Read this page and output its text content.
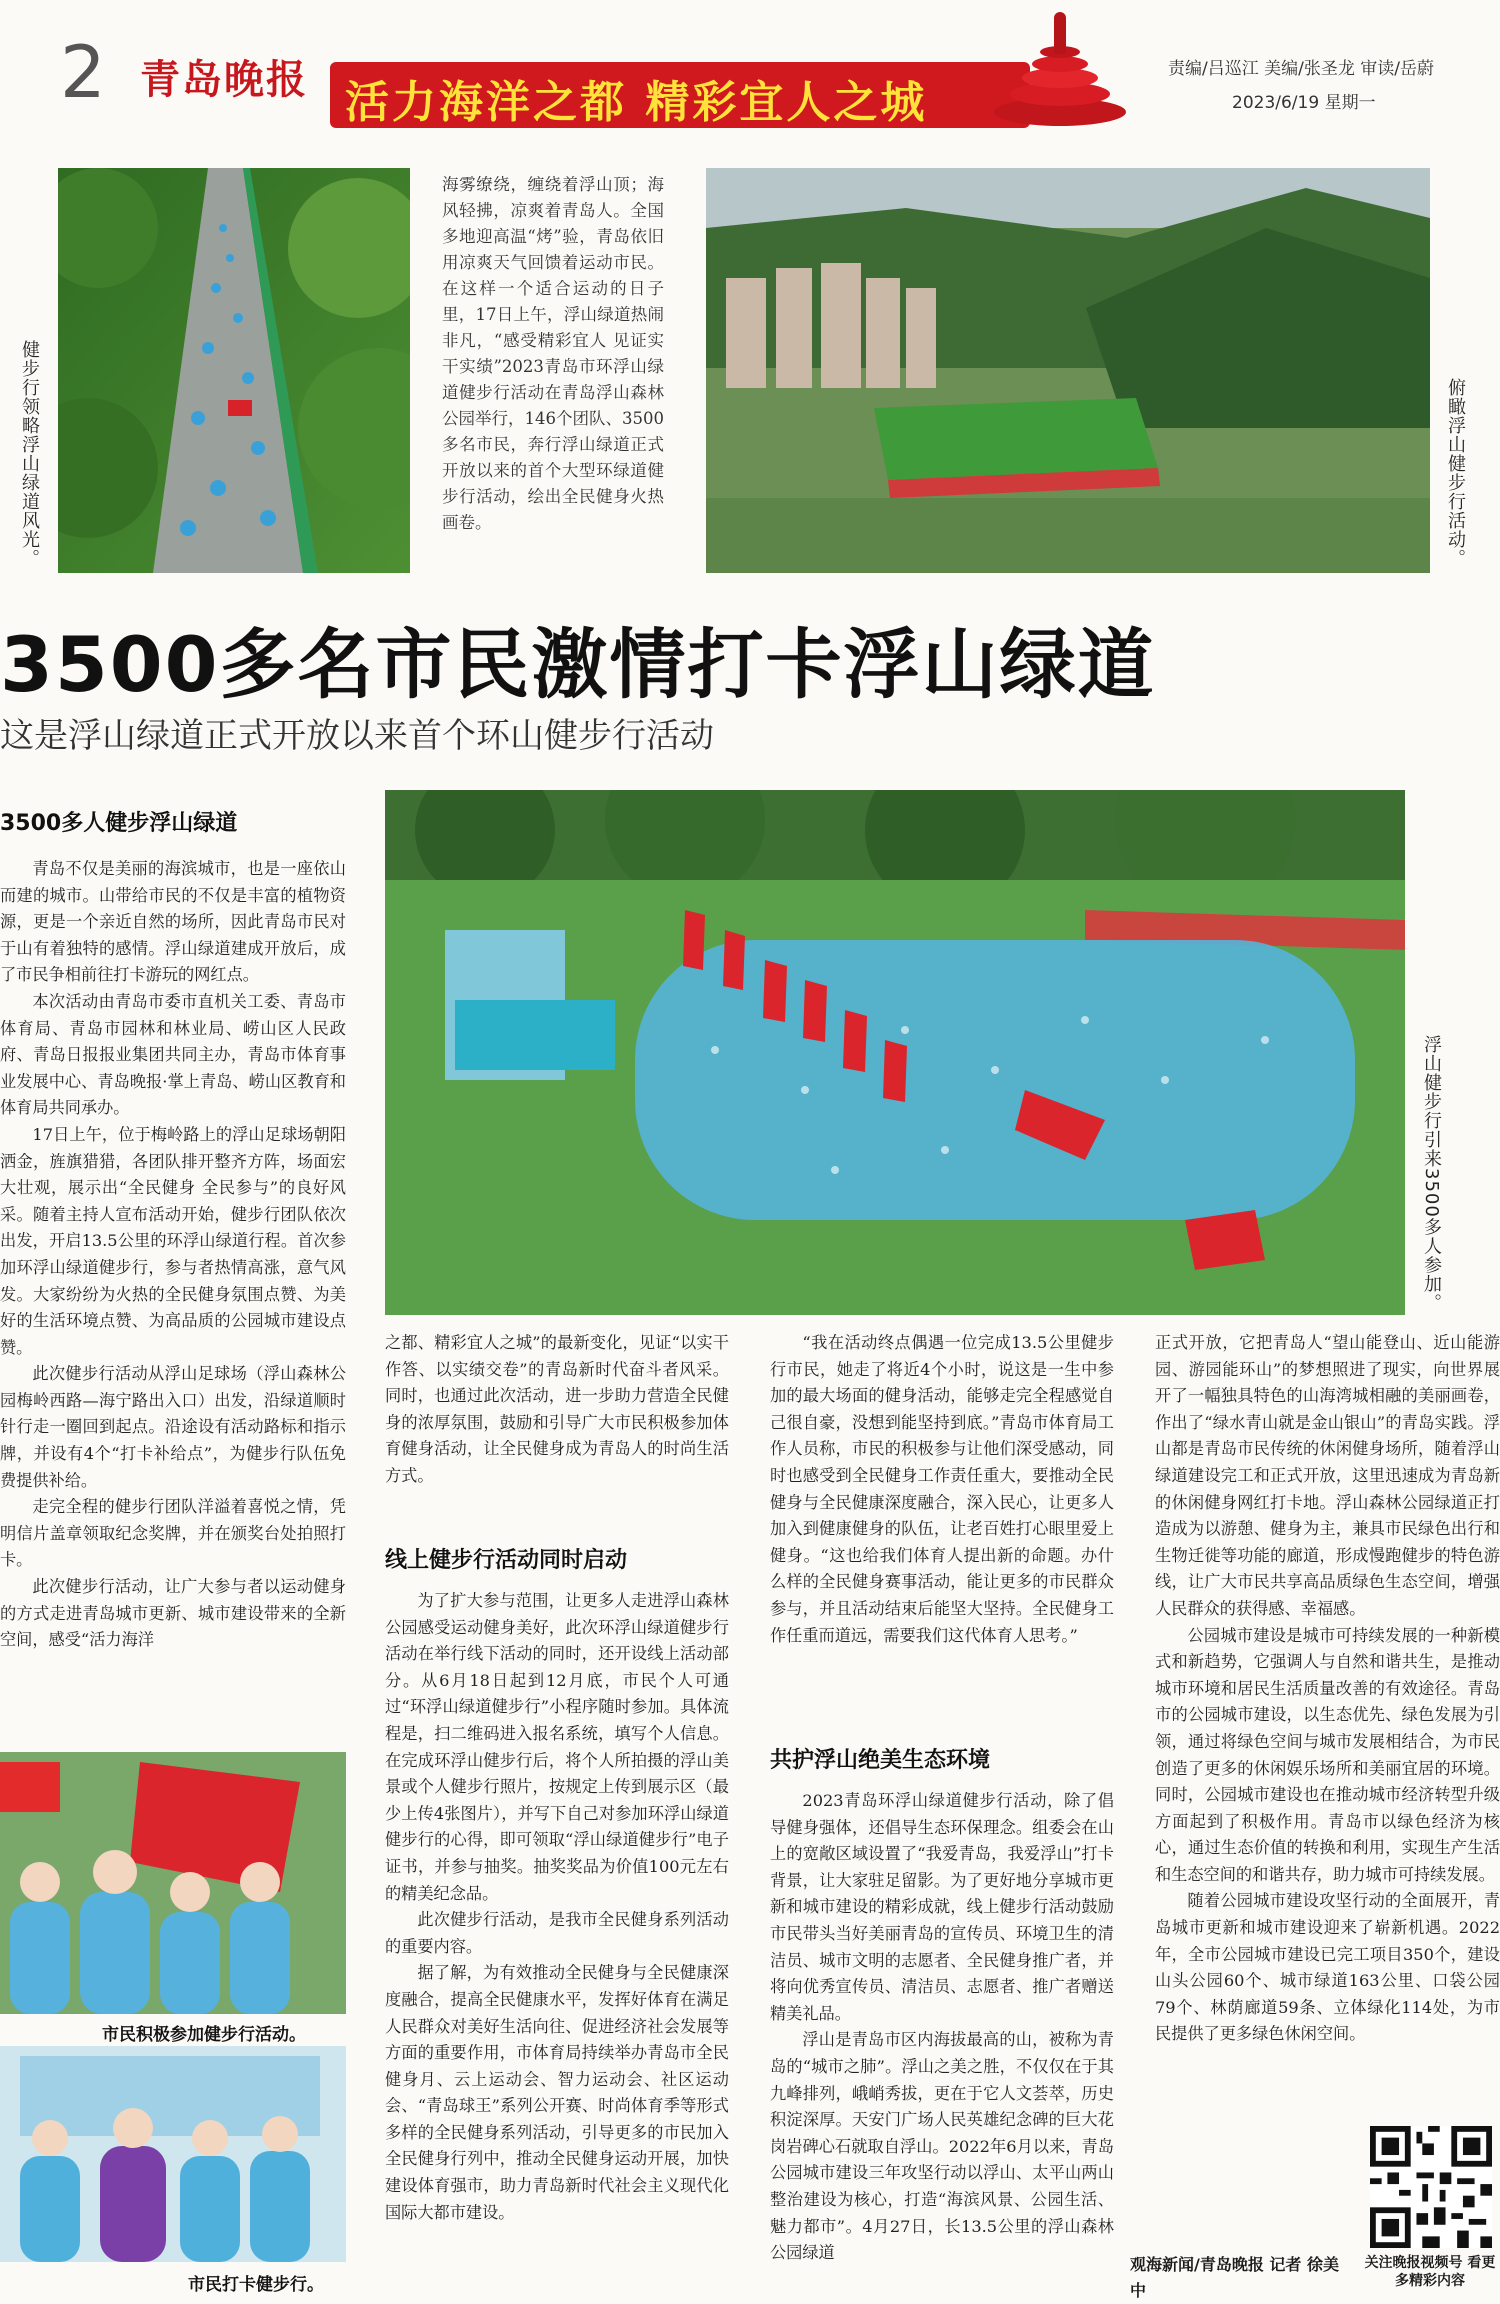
2 青岛晚报 活力海洋之都 精彩宜人之城
责编/吕巡江 美编/张圣龙 审读/岳蔚
2023/6/19 星期一
健步行领略浮山绿道风光。
海雾缭绕，缠绕着浮山顶；海风轻拂，凉爽着青岛人。全国多地迎高温“烤”验，青岛依旧用凉爽天气回馈着运动市民。在这样一个适合运动的日子里，17日上午，浮山绿道热闹非凡，“感受精彩宜人 见证实干实绩”2023青岛市环浮山绿道健步行活动在青岛浮山森林公园举行，146个团队、3500多名市民，奔行浮山绿道正式开放以来的首个大型环绿道健步行活动，绘出全民健身火热画卷。	俯瞰浮山健步行活动。
3500多名市民激情打卡浮山绿道
这是浮山绿道正式开放以来首个环山健步行活动
浮山健步行引来3500多人参加。
3500多人健步浮山绿道

青岛不仅是美丽的海滨城市，也是一座依山而建的城市。山带给市民的不仅是丰富的植物资源，更是一个亲近自然的场所，因此青岛市民对于山有着独特的感情。浮山绿道建成开放后，成了市民争相前往打卡游玩的网红点。

本次活动由青岛市委市直机关工委、青岛市体育局、青岛市园林和林业局、崂山区人民政府、青岛日报报业集团共同主办，青岛市体育事业发展中心、青岛晚报·掌上青岛、崂山区教育和体育局共同承办。

17日上午，位于梅岭路上的浮山足球场朝阳洒金，旌旗猎猎，各团队排开整齐方阵，场面宏大壮观，展示出“全民健身 全民参与”的良好风采。随着主持人宣布活动开始，健步行团队依次出发，开启13.5公里的环浮山绿道行程。首次参加环浮山绿道健步行，参与者热情高涨，意气风发。大家纷纷为火热的全民健身氛围点赞、为美好的生活环境点赞、为高品质的公园城市建设点赞。

此次健步行活动从浮山足球场（浮山森林公园梅岭西路—海宁路出入口）出发，沿绿道顺时针行走一圈回到起点。沿途设有活动路标和指示牌，并设有4个“打卡补给点”，为健步行队伍免费提供补给。

走完全程的健步行团队洋溢着喜悦之情，凭明信片盖章领取纪念奖牌，并在颁奖台处拍照打卡。

此次健步行活动，让广大参与者以运动健身的方式走进青岛城市更新、城市建设带来的全新空间，感受“活力海洋

市民积极参加健步行活动。
市民打卡健步行。

之都、精彩宜人之城”的最新变化，见证“以实干作答、以实绩交卷”的青岛新时代奋斗者风采。同时，也通过此次活动，进一步助力营造全民健身的浓厚氛围，鼓励和引导广大市民积极参加体育健身活动，让全民健身成为青岛人的时尚生活方式。

线上健步行活动同时启动

为了扩大参与范围，让更多人走进浮山森林公园感受运动健身美好，此次环浮山绿道健步行活动在举行线下活动的同时，还开设线上活动部分。从6月18日起到12月底，市民个人可通过“环浮山绿道健步行”小程序随时参加。具体流程是，扫二维码进入报名系统，填写个人信息。在完成环浮山健步行后，将个人所拍摄的浮山美景或个人健步行照片，按规定上传到展示区（最少上传4张图片），并写下自己对参加环浮山绿道健步行的心得，即可领取“浮山绿道健步行”电子证书，并参与抽奖。抽奖奖品为价值100元左右的精美纪念品。

此次健步行活动，是我市全民健身系列活动的重要内容。

据了解，为有效推动全民健身与全民健康深度融合，提高全民健康水平，发挥好体育在满足人民群众对美好生活向往、促进经济社会发展等方面的重要作用，市体育局持续举办青岛市全民健身月、云上运动会、智力运动会、社区运动会、“青岛球王”系列公开赛、时尚体育季等形式多样的全民健身系列活动，引导更多的市民加入全民健身行列中，推动全民健身运动开展，加快建设体育强市，助力青岛新时代社会主义现代化国际大都市建设。

“我在活动终点偶遇一位完成13.5公里健步行市民，她走了将近4个小时，说这是一生中参加的最大场面的健身活动，能够走完全程感觉自己很自豪，没想到能坚持到底。”青岛市体育局工作人员称，市民的积极参与让他们深受感动，同时也感受到全民健身工作责任重大，要推动全民健身与全民健康深度融合，深入民心，让更多人加入到健康健身的队伍，让老百姓打心眼里爱上健身。“这也给我们体育人提出新的命题。办什么样的全民健身赛事活动，能让更多的市民群众参与，并且活动结束后能坚大坚持。全民健身工作任重而道远，需要我们这代体育人思考。”

共护浮山绝美生态环境

2023青岛环浮山绿道健步行活动，除了倡导健身强体，还倡导生态环保理念。组委会在山上的宽敞区域设置了“我爱青岛，我爱浮山”打卡背景，让大家驻足留影。为了更好地分享城市更新和城市建设的精彩成就，线上健步行活动鼓励市民带头当好美丽青岛的宣传员、环境卫生的清洁员、城市文明的志愿者、全民健身推广者，并将向优秀宣传员、清洁员、志愿者、推广者赠送精美礼品。

浮山是青岛市区内海拔最高的山，被称为青岛的“城市之肺”。浮山之美之胜，不仅仅在于其九峰排列，峨峭秀拔，更在于它人文荟萃，历史积淀深厚。天安门广场人民英雄纪念碑的巨大花岗岩碑心石就取自浮山。2022年6月以来，青岛公园城市建设三年攻坚行动以浮山、太平山两山整治建设为核心，打造“海滨风景、公园生活、魅力都市”。4月27日，长13.5公里的浮山森林公园绿道

正式开放，它把青岛人“望山能登山、近山能游园、游园能环山”的梦想照进了现实，向世界展开了一幅独具特色的山海湾城相融的美丽画卷，作出了“绿水青山就是金山银山”的青岛实践。浮山都是青岛市民传统的休闲健身场所，随着浮山绿道建设完工和正式开放，这里迅速成为青岛新的休闲健身网红打卡地。浮山森林公园绿道正打造成为以游憩、健身为主，兼具市民绿色出行和生物迁徙等功能的廊道，形成慢跑健步的特色游线，让广大市民共享高品质绿色生态空间，增强人民群众的获得感、幸福感。

公园城市建设是城市可持续发展的一种新模式和新趋势，它强调人与自然和谐共生，是推动城市环境和居民生活质量改善的有效途径。青岛市的公园城市建设，以生态优先、绿色发展为引领，通过将绿色空间与城市发展相结合，为市民创造了更多的休闲娱乐场所和美丽宜居的环境。同时，公园城市建设也在推动城市经济转型升级方面起到了积极作用。青岛市以绿色经济为核心，通过生态价值的转换和利用，实现生产生活和生态空间的和谐共存，助力城市可持续发展。

随着公园城市建设攻坚行动的全面展开，青岛城市更新和城市建设迎来了崭新机遇。2022年，全市公园城市建设已完工项目350个，建设山头公园60个、城市绿道163公里、口袋公园79个、林荫廊道59条、立体绿化114处，为市民提供了更多绿色休闲空间。

观海新闻/青岛晚报 记者 徐美中
关注晚报视频号 看更多精彩内容
